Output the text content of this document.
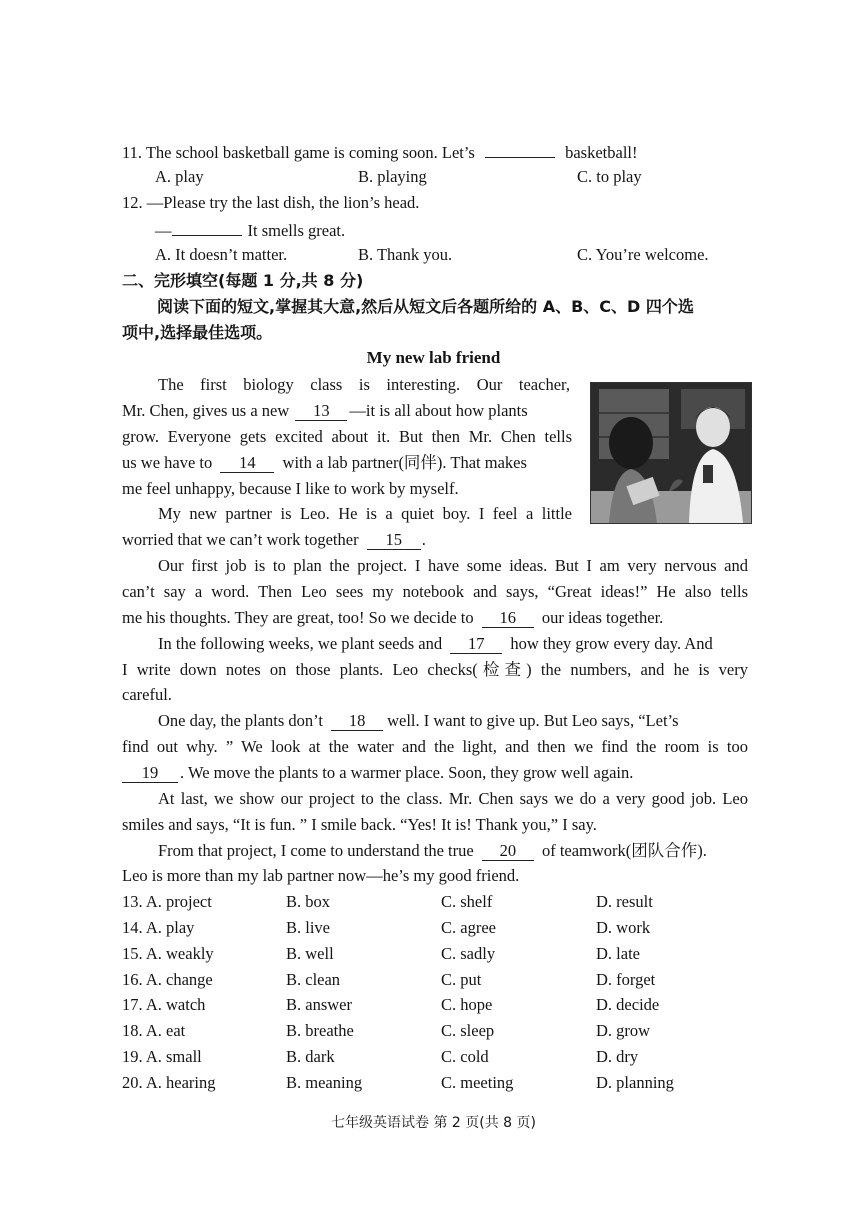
11. The school basketball game is coming soon. Let’s	basketball!
A. play	B. playing	C. to play
12. —Please try the last dish, the lion’s head.
—	It smells great.
A. It doesn’t matter.	B. Thank you.	C. You’re welcome.
二、完形填空(每题 1 分,共 8 分)
阅读下面的短文,掌握其大意,然后从短文后各题所给的 A、B、C、D 四个选
项中,选择最佳选项。
My new lab friend
The first biology class is interesting. Our teacher,
Mr. Chen, gives us a new 13 —it is all about how plants
grow. Everyone gets excited about it. But then Mr. Chen tells
us we have to 14 with a lab partner(同伴). That makes
me feel unhappy, because I like to work by myself.
My new partner is Leo. He is a quiet boy. I feel a little
worried that we can’t work together 15 .
Our first job is to plan the project. I have some ideas. But I am very nervous and
can’t say a word. Then Leo sees my notebook and says, “Great ideas!” He also tells
me his thoughts. They are great, too! So we decide to 16 our ideas together.
In the following weeks, we plant seeds and 17 how they grow every day. And
I write down notes on those plants. Leo checks(检查) the numbers, and he is very
careful.
One day, the plants don’t 18 well. I want to give up. But Leo says, “Let’s
find out why. ” We look at the water and the light, and then we find the room is too
19 . We move the plants to a warmer place. Soon, they grow well again.
At last, we show our project to the class. Mr. Chen says we do a very good job. Leo
smiles and says, “It is fun. ” I smile back. “Yes! It is! Thank you,” I say.
From that project, I come to understand the true 20 of teamwork(团队合作).
Leo is more than my lab partner now—he’s my good friend.
13. A. project	B. box	C. shelf	D. result
14. A. play	B. live	C. agree	D. work
15. A. weakly	B. well	C. sadly	D. late
16. A. change	B. clean	C. put	D. forget
17. A. watch	B. answer	C. hope	D. decide
18. A. eat	B. breathe	C. sleep	D. grow
19. A. small	B. dark	C. cold	D. dry
20. A. hearing	B. meaning	C. meeting	D. planning
七年级英语试卷 第 2 页(共 8 页)
